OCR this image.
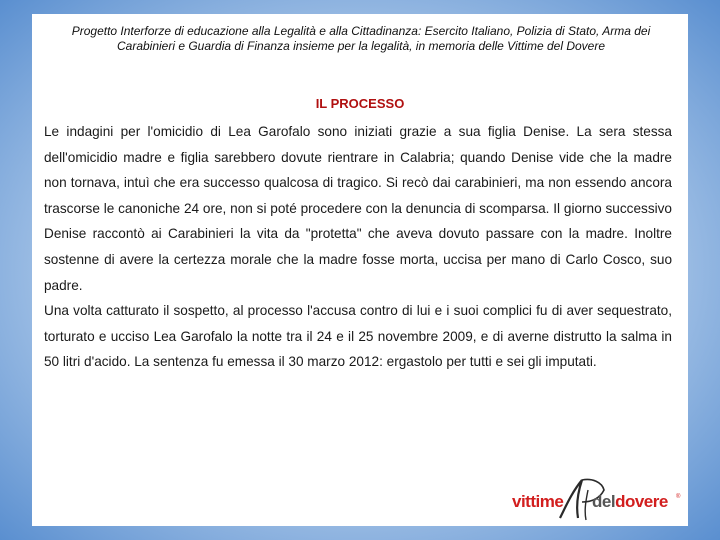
Progetto Interforze di educazione alla Legalità e alla Cittadinanza: Esercito Italiano, Polizia di Stato, Arma dei
Carabinieri e Guardia di Finanza insieme per la legalità, in memoria delle Vittime del Dovere
IL PROCESSO

Le indagini per l'omicidio di Lea Garofalo sono iniziati grazie a sua figlia Denise. La sera stessa dell'omicidio madre e figlia sarebbero dovute rientrare in Calabria; quando Denise vide che la madre non tornava, intuì che era successo qualcosa di tragico. Si recò dai carabinieri, ma non essendo ancora trascorse le canoniche 24 ore, non si poté procedere con la denuncia di scomparsa. Il giorno successivo Denise raccontò ai Carabinieri la vita da "protetta" che aveva dovuto passare con la madre. Inoltre sostenne di avere la certezza morale che la madre fosse morta, uccisa per mano di Carlo Cosco, suo padre.

Una volta catturato il sospetto, al processo l'accusa contro di lui e i suoi complici fu di aver sequestrato, torturato e ucciso Lea Garofalo la notte tra il 24 e il 25 novembre 2009, e di averne distrutto la salma in 50 litri d'acido. La sentenza fu emessa il 30 marzo 2012: ergastolo per tutti e sei gli imputati.

vittime deldovere ®
